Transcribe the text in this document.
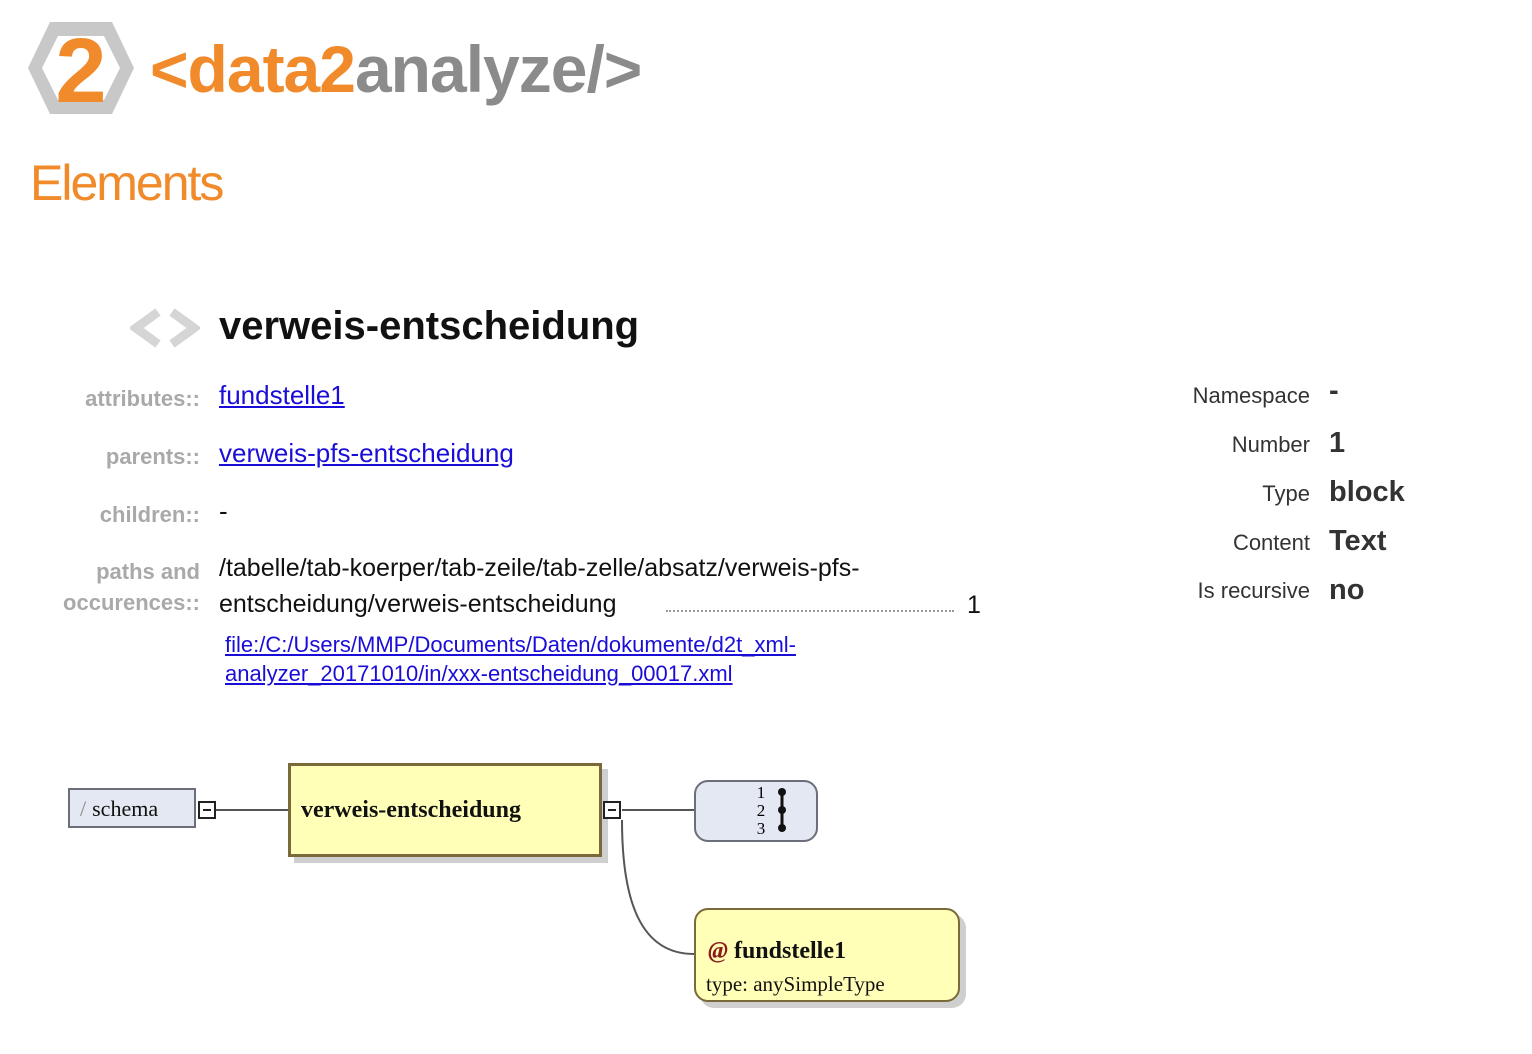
2 <data2analyze/>
Elements
verweis-entscheidung
attributes:: fundstelle1
parents:: verweis-pfs-entscheidung
children:: -
paths and
occurences::
/tabelle/tab-koerper/tab-zeile/tab-zelle/absatz/verweis-pfs-entscheidung/verweis-entscheidung	1
file:/C:/Users/MMP/Documents/Daten/dokumente/d2t_xml-analyzer_20171010/in/xxx-entscheidung_00017.xml
Namespace -
Number 1
Type block
Content Text
Is recursive no
/ schema	verweis-entscheidung
1
2
3
@ fundstelle1
type: anySimpleType
